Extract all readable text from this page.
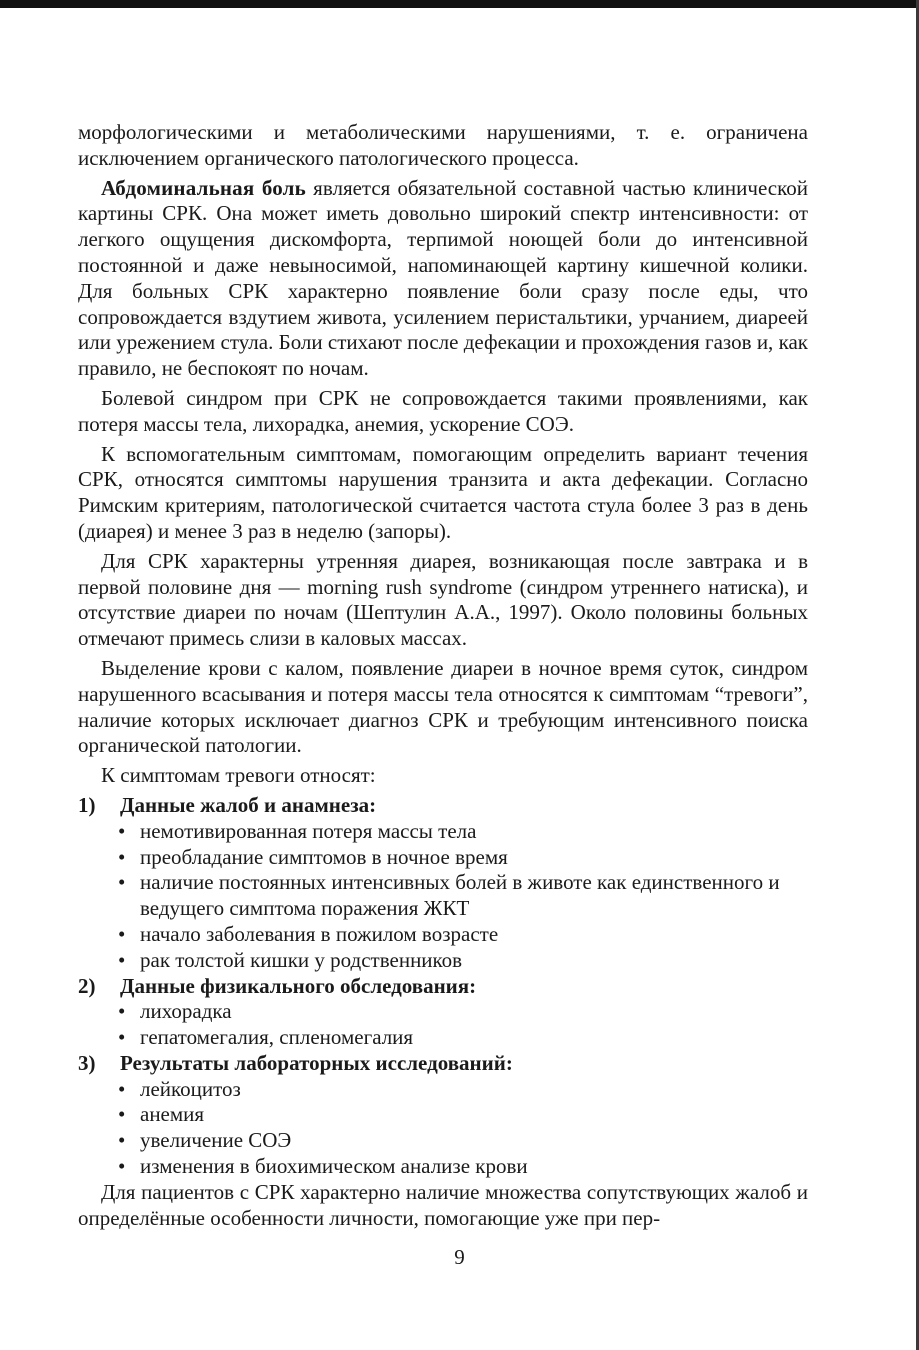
морфологическими и метаболическими нарушениями, т. е. ограничена исключением органического патологического процесса.

Абдоминальная боль является обязательной составной частью клинической картины СРК. Она может иметь довольно широкий спектр интенсивности: от легкого ощущения дискомфорта, терпимой ноющей боли до интенсивной постоянной и даже невыносимой, напоминающей картину кишечной колики. Для больных СРК характерно появление боли сразу после еды, что сопровождается вздутием живота, усилением перистальтики, урчанием, диареей или урежением стула. Боли стихают после дефекации и прохождения газов и, как правило, не беспокоят по ночам.

Болевой синдром при СРК не сопровождается такими проявлениями, как потеря массы тела, лихорадка, анемия, ускорение СОЭ.

К вспомогательным симптомам, помогающим определить вариант течения СРК, относятся симптомы нарушения транзита и акта дефекации. Согласно Римским критериям, патологической считается частота стула более 3 раз в день (диарея) и менее 3 раз в неделю (запоры).

Для СРК характерны утренняя диарея, возникающая после завтрака и в первой половине дня — morning rush syndrome (синдром утреннего натиска), и отсутствие диареи по ночам (Шептулин А.А., 1997). Около половины больных отмечают примесь слизи в каловых массах.

Выделение крови с калом, появление диареи в ночное время суток, синдром нарушенного всасывания и потеря массы тела относятся к симптомам “тревоги”, наличие которых исключает диагноз СРК и требующим интенсивного поиска органической патологии.

К симптомам тревоги относят:

1)	Данные жалоб и анамнеза:
• немотивированная потеря массы тела
• преобладание симптомов в ночное время
• наличие постоянных интенсивных болей в животе как единственного и ведущего симптома поражения ЖКТ
• начало заболевания в пожилом возрасте
• рак толстой кишки у родственников
2)	Данные физикального обследования:
• лихорадка
• гепатомегалия, спленомегалия
3)	Результаты лабораторных исследований:
• лейкоцитоз
• анемия
• увеличение СОЭ
• изменения в биохимическом анализе крови

Для пациентов с СРК характерно наличие множества сопутствующих жалоб и определённые особенности личности, помогающие уже при пер-

9
